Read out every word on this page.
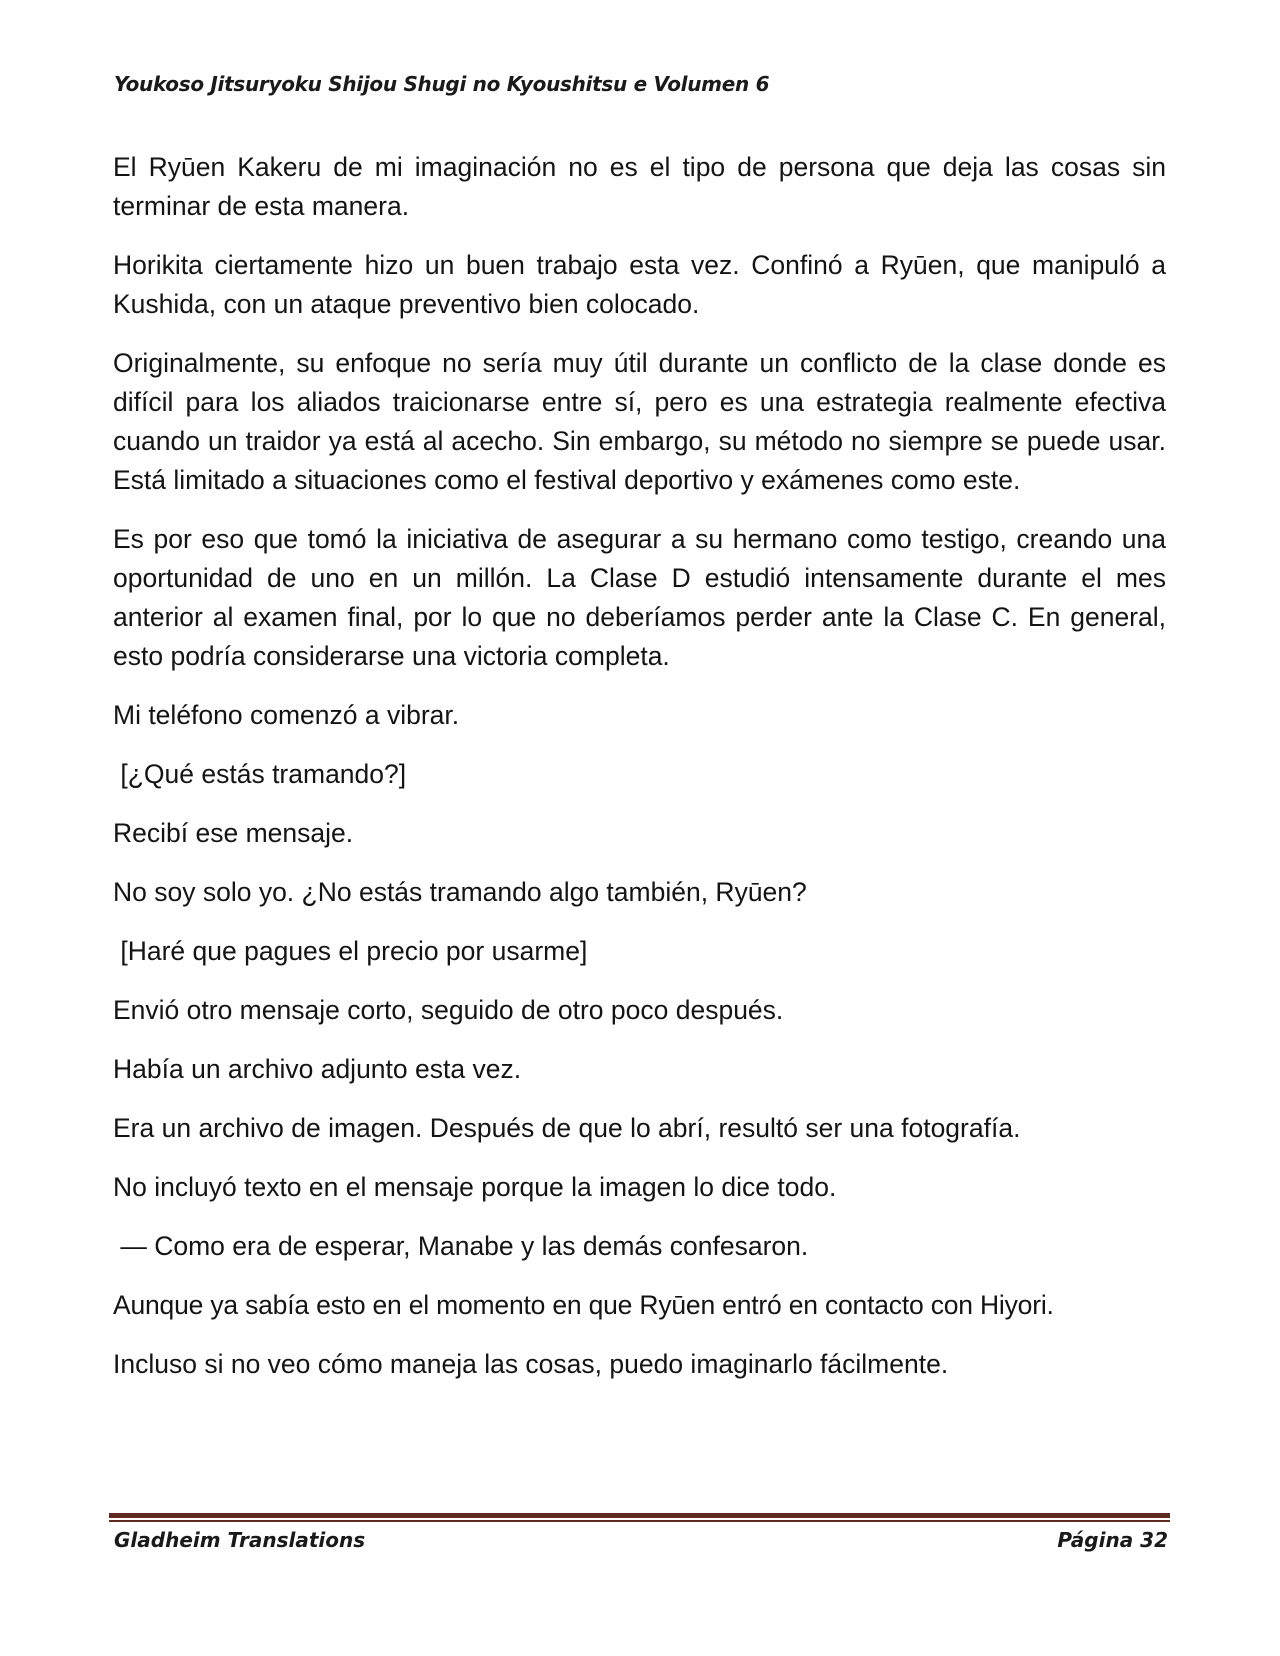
Youkoso Jitsuryoku Shijou Shugi no Kyoushitsu e Volumen 6

El Ryūen Kakeru de mi imaginación no es el tipo de persona que deja las cosas sin terminar de esta manera.

Horikita ciertamente hizo un buen trabajo esta vez. Confinó a Ryūen, que manipuló a Kushida, con un ataque preventivo bien colocado.

Originalmente, su enfoque no sería muy útil durante un conflicto de la clase donde es difícil para los aliados traicionarse entre sí, pero es una estrategia realmente efectiva cuando un traidor ya está al acecho. Sin embargo, su método no siempre se puede usar. Está limitado a situaciones como el festival deportivo y exámenes como este.

Es por eso que tomó la iniciativa de asegurar a su hermano como testigo, creando una oportunidad de uno en un millón. La Clase D estudió intensamente durante el mes anterior al examen final, por lo que no deberíamos perder ante la Clase C. En general, esto podría considerarse una victoria completa.

Mi teléfono comenzó a vibrar.

[¿Qué estás tramando?]

Recibí ese mensaje.

No soy solo yo. ¿No estás tramando algo también, Ryūen?

[Haré que pagues el precio por usarme]

Envió otro mensaje corto, seguido de otro poco después.

Había un archivo adjunto esta vez.

Era un archivo de imagen. Después de que lo abrí, resultó ser una fotografía.

No incluyó texto en el mensaje porque la imagen lo dice todo.

— Como era de esperar, Manabe y las demás confesaron.

Aunque ya sabía esto en el momento en que Ryūen entró en contacto con Hiyori.

Incluso si no veo cómo maneja las cosas, puedo imaginarlo fácilmente.

Gladheim Translations	Página 32
